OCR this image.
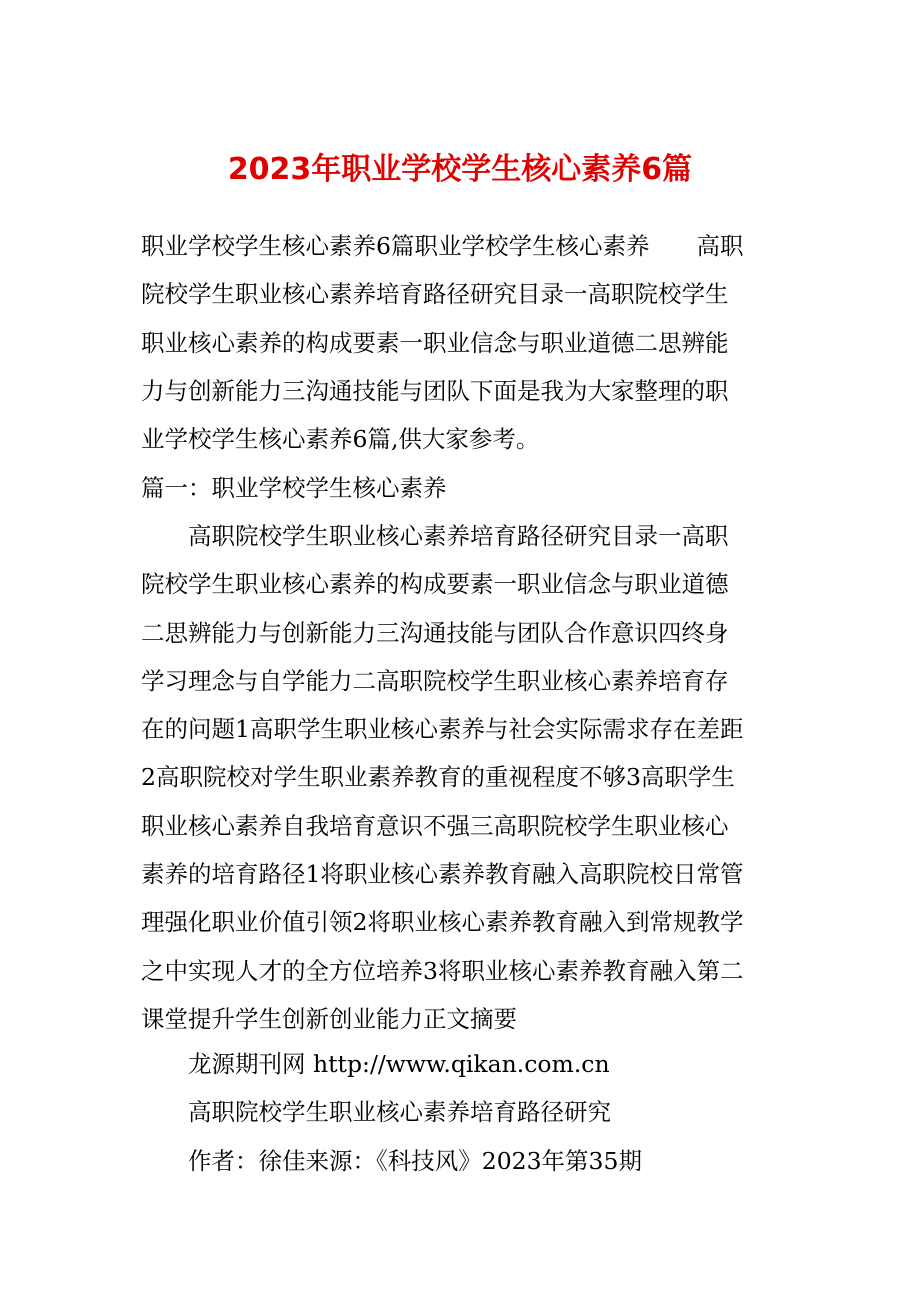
2023年职业学校学生核心素养6篇
职业学校学生核心素养6篇职业学校学生核心素养　　高职
院校学生职业核心素养培育路径研究目录一高职院校学生
职业核心素养的构成要素一职业信念与职业道德二思辨能
力与创新能力三沟通技能与团队下面是我为大家整理的职
业学校学生核心素养6篇,供大家参考。
篇一：职业学校学生核心素养
高职院校学生职业核心素养培育路径研究目录一高职
院校学生职业核心素养的构成要素一职业信念与职业道德
二思辨能力与创新能力三沟通技能与团队合作意识四终身
学习理念与自学能力二高职院校学生职业核心素养培育存
在的问题1高职学生职业核心素养与社会实际需求存在差距
2高职院校对学生职业素养教育的重视程度不够3高职学生
职业核心素养自我培育意识不强三高职院校学生职业核心
素养的培育路径1将职业核心素养教育融入高职院校日常管
理强化职业价值引领2将职业核心素养教育融入到常规教学
之中实现人才的全方位培养3将职业核心素养教育融入第二
课堂提升学生创新创业能力正文摘要
龙源期刊网 http://www.qikan.com.cn
高职院校学生职业核心素养培育路径研究
作者：徐佳来源：《科技风》2023年第35期
